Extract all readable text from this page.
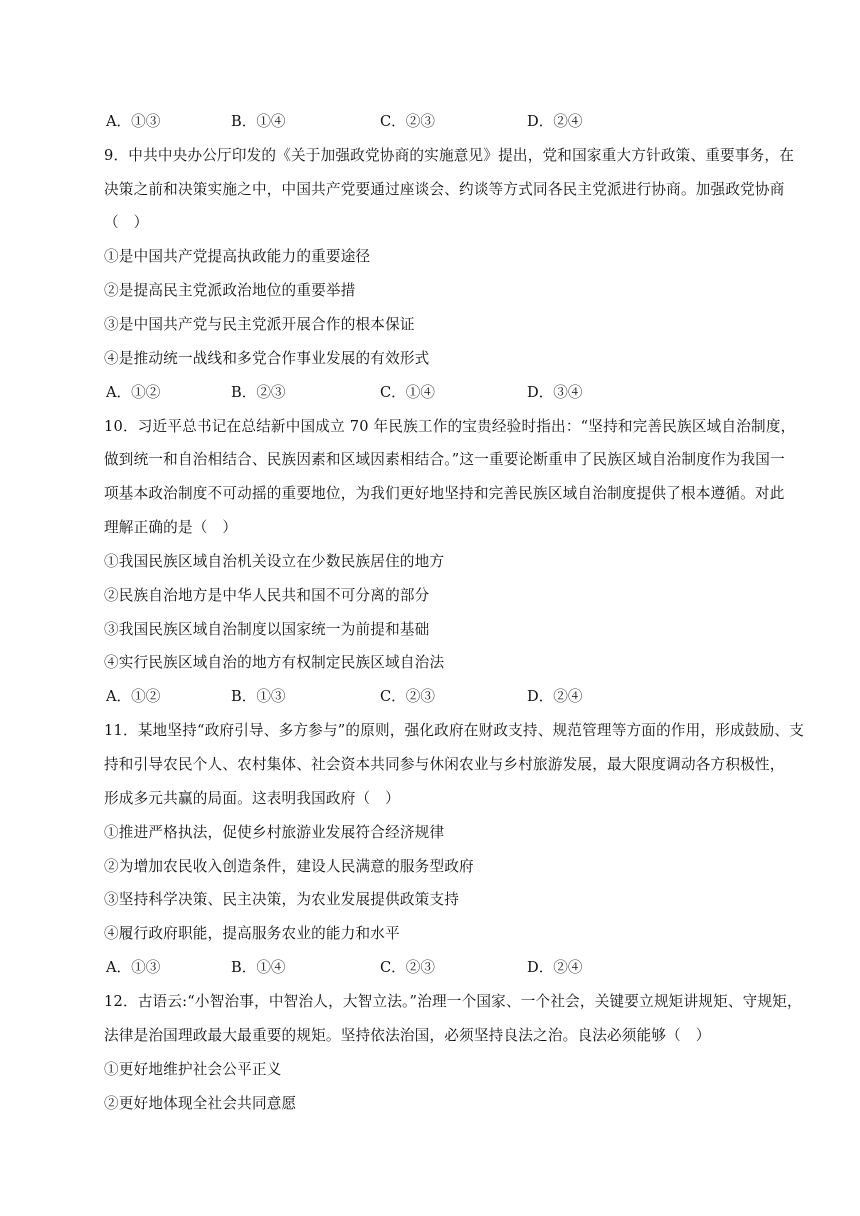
A．①③	B．①④	C．②③	D．②④
9．中共中央办公厅印发的《关于加强政党协商的实施意见》提出，党和国家重大方针政策、重要事务，在
决策之前和决策实施之中，中国共产党要通过座谈会、约谈等方式同各民主党派进行协商。加强政党协商
（　）
①是中国共产党提高执政能力的重要途径
②是提高民主党派政治地位的重要举措
③是中国共产党与民主党派开展合作的根本保证
④是推动统一战线和多党合作事业发展的有效形式
A．①②	B．②③	C．①④	D．③④
10．习近平总书记在总结新中国成立 70 年民族工作的宝贵经验时指出：“坚持和完善民族区域自治制度，
做到统一和自治相结合、民族因素和区域因素相结合。”这一重要论断重申了民族区域自治制度作为我国一
项基本政治制度不可动摇的重要地位，为我们更好地坚持和完善民族区域自治制度提供了根本遵循。对此
理解正确的是（　）
①我国民族区域自治机关设立在少数民族居住的地方
②民族自治地方是中华人民共和国不可分离的部分
③我国民族区域自治制度以国家统一为前提和基础
④实行民族区域自治的地方有权制定民族区域自治法
A．①②	B．①③	C．②③	D．②④
11．某地坚持“政府引导、多方参与”的原则，强化政府在财政支持、规范管理等方面的作用，形成鼓励、支
持和引导农民个人、农村集体、社会资本共同参与休闲农业与乡村旅游发展，最大限度调动各方积极性，
形成多元共赢的局面。这表明我国政府（　）
①推进严格执法，促使乡村旅游业发展符合经济规律
②为增加农民收入创造条件，建设人民满意的服务型政府
③坚持科学决策、民主决策，为农业发展提供政策支持
④履行政府职能，提高服务农业的能力和水平
A．①③	B．①④	C．②③	D．②④
12．古语云:“小智治事，中智治人，大智立法。”治理一个国家、一个社会，关键要立规矩讲规矩、守规矩，
法律是治国理政最大最重要的规矩。坚持依法治国，必须坚持良法之治。良法必须能够（　）
①更好地维护社会公平正义
②更好地体现全社会共同意愿
